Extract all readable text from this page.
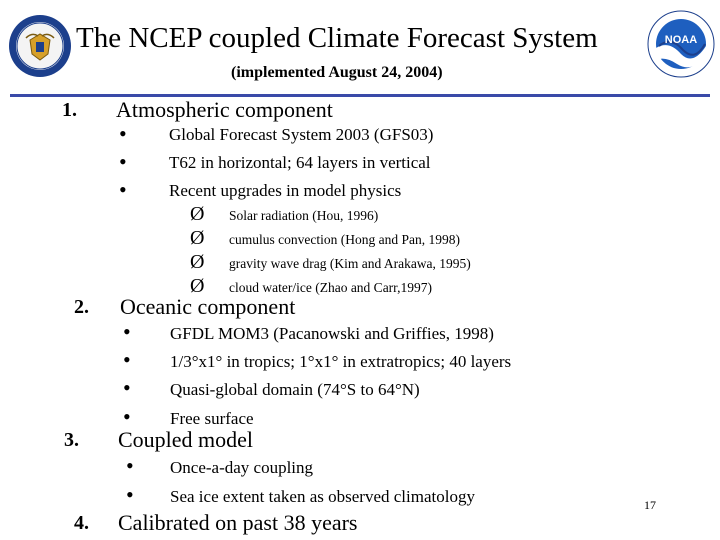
NOAA
The NCEP coupled Climate Forecast System
(implemented August 24, 2004)
1. Atmospheric component
• Global Forecast System 2003 (GFS03)
• T62 in horizontal; 64 layers in vertical
• Recent upgrades in model physics
Ø Solar radiation (Hou, 1996)
Ø cumulus convection (Hong and Pan, 1998)
Ø gravity wave drag (Kim and Arakawa, 1995)
Ø cloud water/ice (Zhao and Carr,1997)
2. Oceanic component
• GFDL MOM3 (Pacanowski and Griffies, 1998)
• 1/3°x1° in tropics; 1°x1° in extratropics; 40 layers
• Quasi-global domain (74°S to 64°N)
• Free surface
3. Coupled model
• Once-a-day coupling
• Sea ice extent taken as observed climatology
4. Calibrated on past 38 years
17
